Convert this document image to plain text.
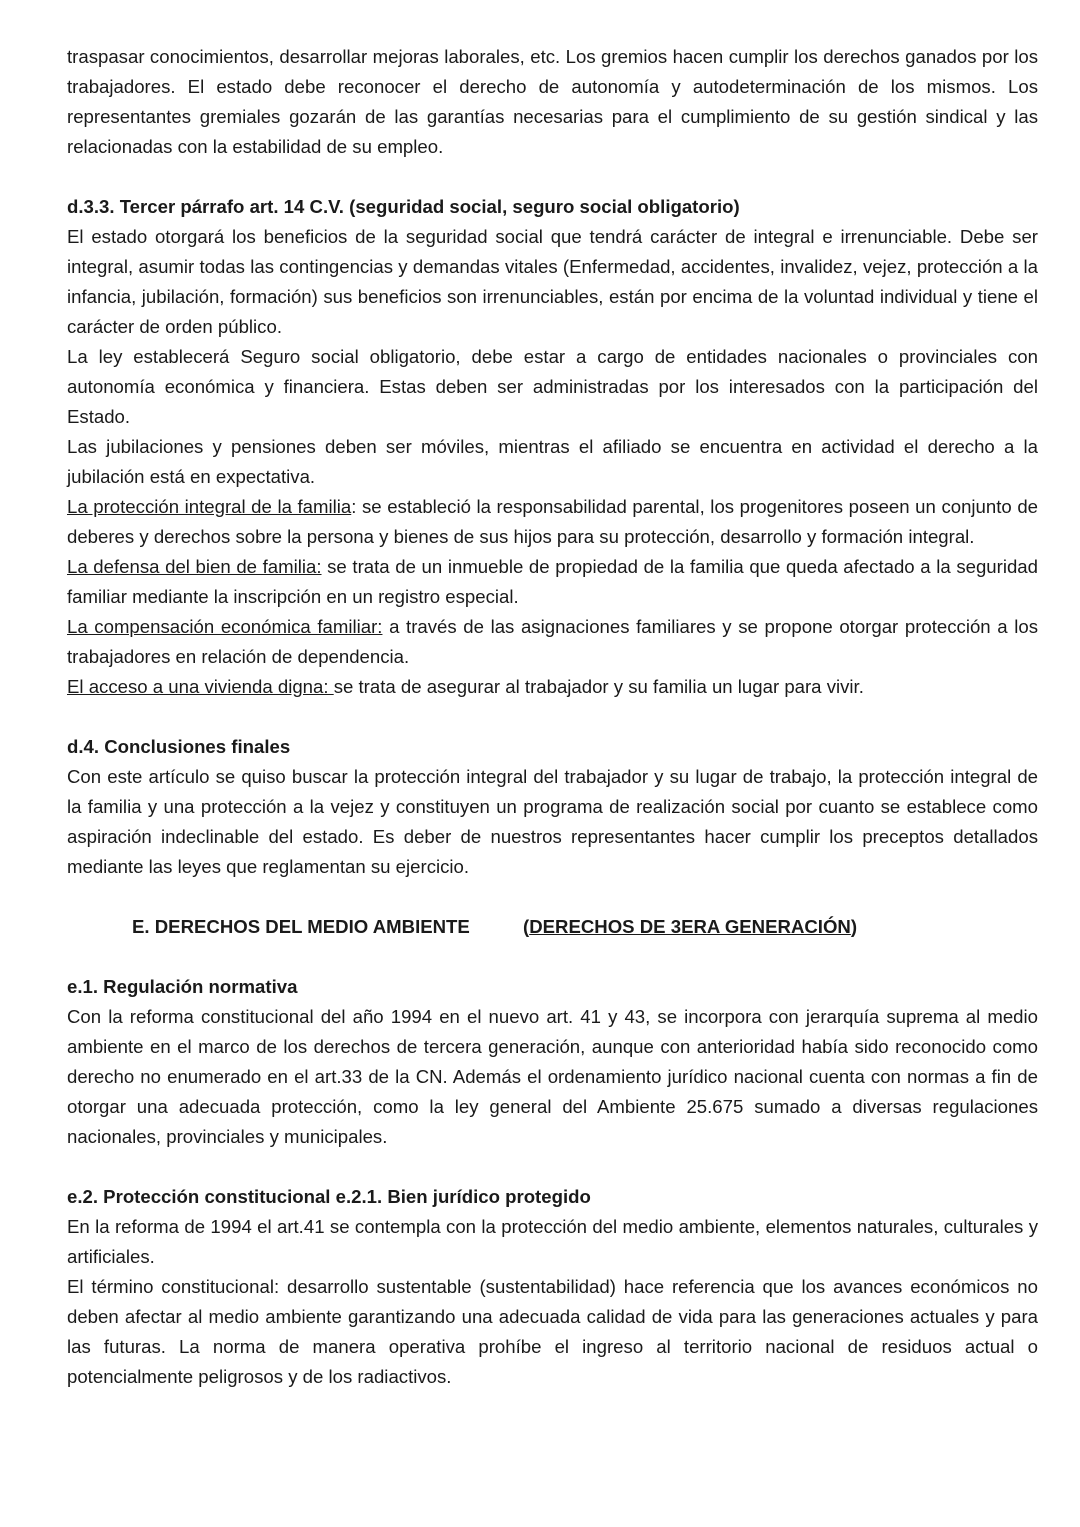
traspasar conocimientos, desarrollar mejoras laborales, etc. Los gremios hacen cumplir los derechos ganados por los trabajadores. El estado debe reconocer el derecho de autonomía y autodeterminación de los mismos. Los representantes gremiales gozarán de las garantías necesarias para el cumplimiento de su gestión sindical y las relacionadas con la estabilidad de su empleo.

d.3.3. Tercer párrafo art. 14 C.V. (seguridad social, seguro social obligatorio)

El estado otorgará los beneficios de la seguridad social que tendrá carácter de integral e irrenunciable. Debe ser integral, asumir todas las contingencias y demandas vitales (Enfermedad, accidentes, invalidez, vejez, protección a la infancia, jubilación, formación) sus beneficios son irrenunciables, están por encima de la voluntad individual y tiene el carácter de orden público.

La ley establecerá Seguro social obligatorio, debe estar a cargo de entidades nacionales o provinciales con autonomía económica y financiera. Estas deben ser administradas por los interesados con la participación del Estado.

Las jubilaciones y pensiones deben ser móviles, mientras el afiliado se encuentra en actividad el derecho a la jubilación está en expectativa.

La protección integral de la familia: se estableció la responsabilidad parental, los progenitores poseen un conjunto de deberes y derechos sobre la persona y bienes de sus hijos para su protección, desarrollo y formación integral.

La defensa del bien de familia: se trata de un inmueble de propiedad de la familia que queda afectado a la seguridad familiar mediante la inscripción en un registro especial.

La compensación económica familiar: a través de las asignaciones familiares y se propone otorgar protección a los trabajadores en relación de dependencia.

El acceso a una vivienda digna: se trata de asegurar al trabajador y su familia un lugar para vivir.

d.4. Conclusiones finales

Con este artículo se quiso buscar la protección integral del trabajador y su lugar de trabajo, la protección integral de la familia y una protección a la vejez y constituyen un programa de realización social por cuanto se establece como aspiración indeclinable del estado. Es deber de nuestros representantes hacer cumplir los preceptos detallados mediante las leyes que reglamentan su ejercicio.

E. DERECHOS DEL MEDIO AMBIENTE	(DERECHOS DE 3ERA GENERACIÓN)

e.1. Regulación normativa

Con la reforma constitucional del año 1994 en el nuevo art. 41 y 43, se incorpora con jerarquía suprema al medio ambiente en el marco de los derechos de tercera generación, aunque con anterioridad había sido reconocido como derecho no enumerado en el art.33 de la CN. Además el ordenamiento jurídico nacional cuenta con normas a fin de otorgar una adecuada protección, como la ley general del Ambiente 25.675 sumado a diversas regulaciones nacionales, provinciales y municipales.

e.2. Protección constitucional e.2.1. Bien jurídico protegido

En la reforma de 1994 el art.41 se contempla con la protección del medio ambiente, elementos naturales, culturales y artificiales.

El término constitucional: desarrollo sustentable (sustentabilidad) hace referencia que los avances económicos no deben afectar al medio ambiente garantizando una adecuada calidad de vida para las generaciones actuales y para las futuras. La norma de manera operativa prohíbe el ingreso al territorio nacional de residuos actual o potencialmente peligrosos y de los radiactivos.
